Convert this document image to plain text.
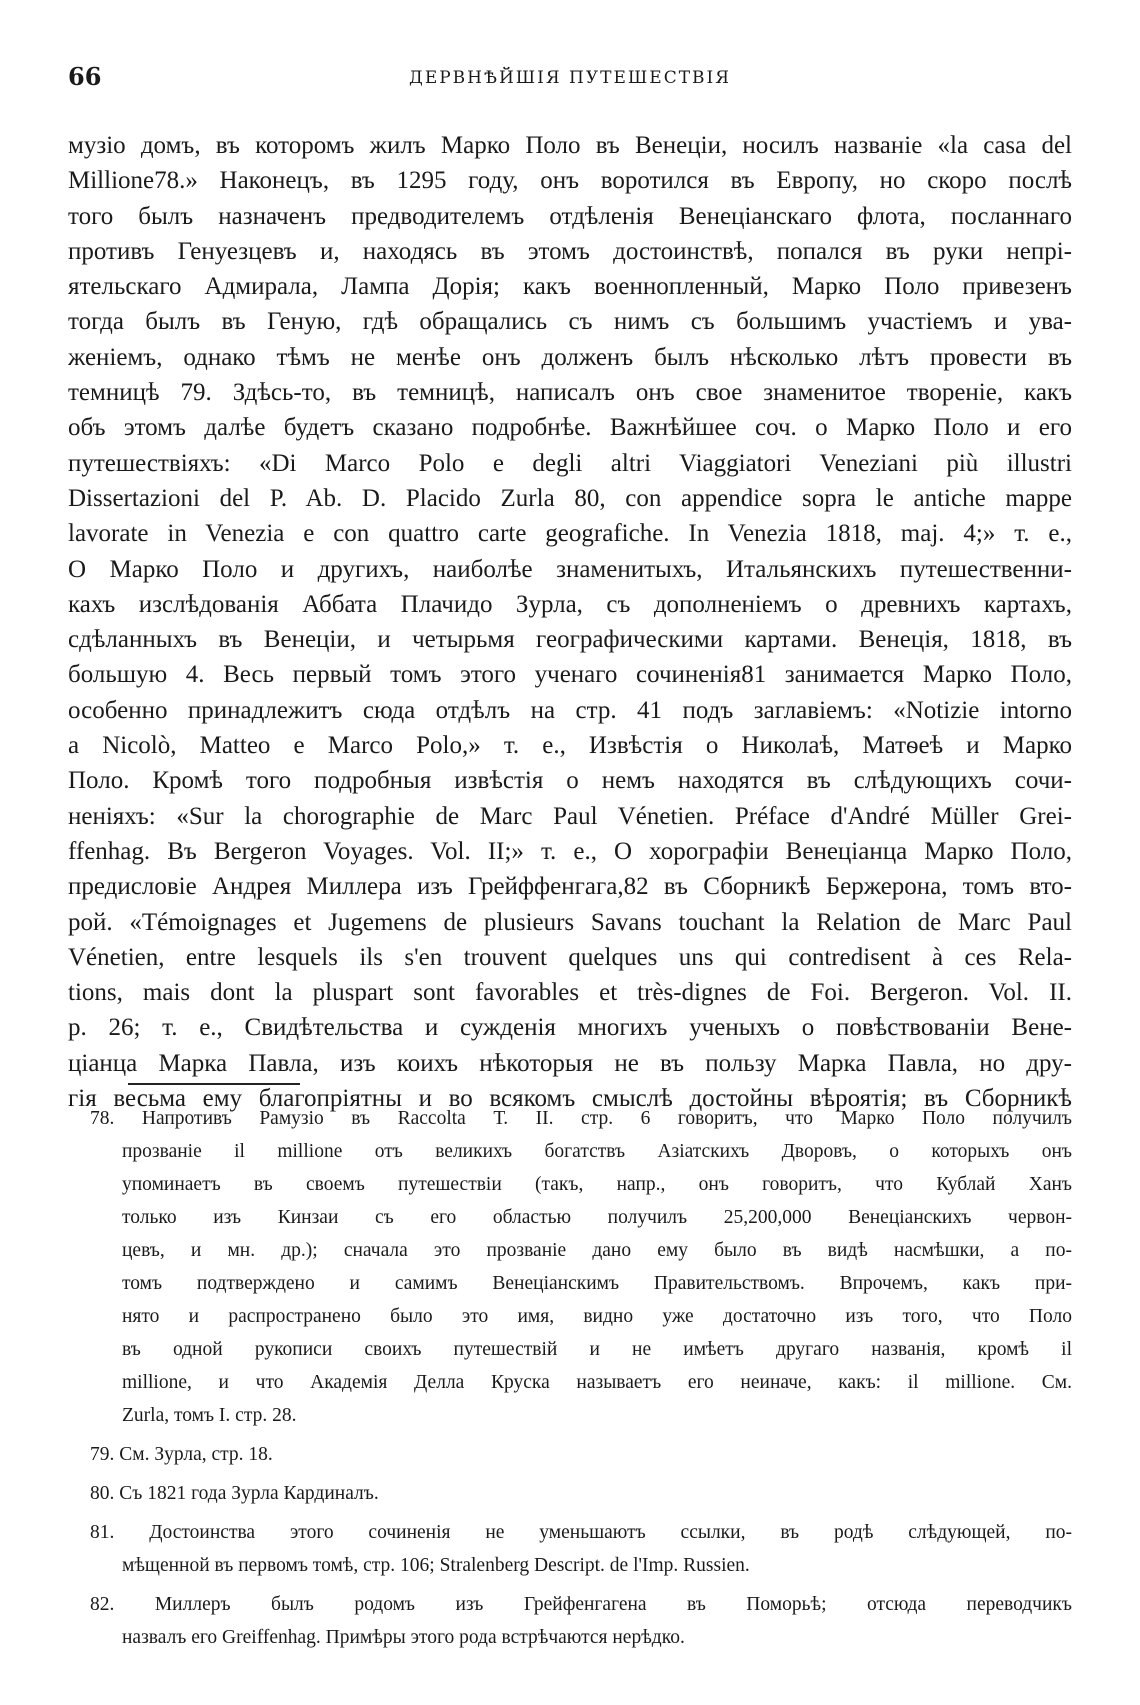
66	ДЕРВНѢЙШІЯ ПУТЕШЕСТВІЯ
музіо домъ, въ которомъ жилъ Марко Поло въ Венеціи, носилъ названіе «la casa del
Millione78.» Наконецъ, въ 1295 году, онъ воротился въ Европу, но скоро послѣ
того былъ назначенъ предводителемъ отдѣленія Венеціанскаго флота, посланнаго
противъ Генуезцевъ и, находясь въ этомъ достоинствѣ, попался въ руки непрі-
ятельскаго Адмирала, Лампа Дорія; какъ военнопленный, Марко Поло привезенъ
тогда былъ въ Геную, гдѣ обращались съ нимъ съ большимъ участіемъ и ува-
женіемъ, однако тѣмъ не менѣе онъ долженъ былъ нѣсколько лѣтъ провести въ
темницѣ 79. Здѣсь-то, въ темницѣ, написалъ онъ свое знаменитое твореніе, какъ
объ этомъ далѣе будетъ сказано подробнѣе. Важнѣйшее соч. о Марко Поло и его
путешествіяхъ: «Di Marco Polo e degli altri Viaggiatori Veneziani più illustri
Dissertazioni del P. Ab. D. Placido Zurla 80, con appendice sopra le antiche mappe
lavorate in Venezia e con quattro carte geografiche. In Venezia 1818, maj. 4;» т. е.,
О Марко Поло и другихъ, наиболѣе знаменитыхъ, Итальянскихъ путешественни-
кахъ изслѣдованія Аббата Плачидо Зурла, съ дополненіемъ о древнихъ картахъ,
сдѣланныхъ въ Венеціи, и четырьмя географическими картами. Венеція, 1818, въ
большую 4. Весь первый томъ этого ученаго сочиненія81 занимается Марко Поло,
особенно принадлежитъ сюда отдѣлъ на стр. 41 подъ заглавіемъ: «Notizie intorno
a Nicolò, Matteo e Marco Polo,» т. е., Извѣстія о Николаѣ, Матѳеѣ и Марко
Поло. Кромѣ того подробныя извѣстія о немъ находятся въ слѣдующихъ сочи-
неніяхъ: «Sur la chorographie de Marc Paul Vénetien. Préface d'André Müller Grei-
ffenhag. Въ Bergeron Voyages. Vol. II;» т. е., О хорографіи Венеціанца Марко Поло,
предисловіе Андрея Миллера изъ Грейффенгага,82 въ Сборникѣ Бержерона, томъ вто-
рой. «Témoignages et Jugemens de plusieurs Savans touchant la Relation de Marc Paul
Vénetien, entre lesquels ils s'en trouvent quelques uns qui contredisent à ces Rela-
tions, mais dont la pluspart sont favorables et très-dignes de Foi. Bergeron. Vol. II.
p. 26; т. е., Свидѣтельства и сужденія многихъ ученыхъ о повѣствованіи Вене-
ціанца Марка Павла, изъ коихъ нѣкоторыя не въ пользу Марка Павла, но дру-
гія весьма ему благопріятны и во всякомъ смыслѣ достойны вѣроятія; въ Сборникѣ
78. Напротивъ Рамузіо въ Raccolta Т. II. стр. 6 говоритъ, что Марко Поло получилъ
прозваніе il millione отъ великихъ богатствъ Азіатскихъ Дворовъ, о которыхъ онъ
упоминаетъ въ своемъ путешествіи (такъ, напр., онъ говоритъ, что Кублай Ханъ
только изъ Кинзаи съ его областью получилъ 25,200,000 Венеціанскихъ червон-
цевъ, и мн. др.); сначала это прозваніе дано ему было въ видѣ насмѣшки, а по-
томъ подтверждено и самимъ Венеціанскимъ Правительствомъ. Впрочемъ, какъ при-
нято и распространено было это имя, видно уже достаточно изъ того, что Поло
въ одной рукописи своихъ путешествій и не имѣетъ другаго названія, кромѣ il
millione, и что Академія Делла Круска называетъ его неиначе, какъ: il millione. См.
Zurla, томъ I. стр. 28.
79. См. Зурла, стр. 18.
80. Съ 1821 года Зурла Кардиналъ.
81. Достоинства этого сочиненія не уменьшаютъ ссылки, въ родѣ слѣдующей, по-
мѣщенной въ первомъ томѣ, стр. 106; Stralenberg Descript. de l'Imp. Russien.
82. Миллеръ былъ родомъ изъ Грейфенгагена въ Поморьѣ; отсюда переводчикъ
назвалъ его Greiffenhag. Примѣры этого рода встрѣчаются нерѣдко.
